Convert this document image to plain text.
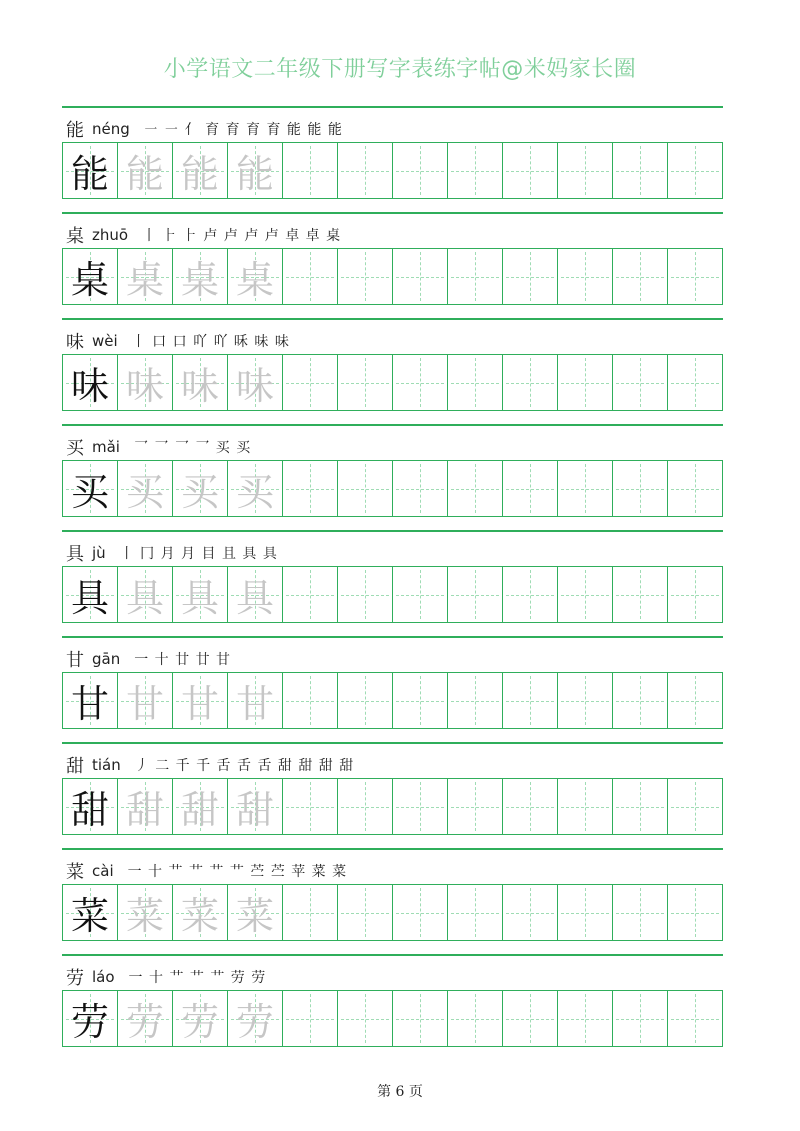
小学语文二年级下册写字表练字帖@米妈家长圈
能 néng ㇐ ㇐ 亻 育 育 育 育 能 能 能
能 能 能 能
桌 zhuō 丨 ⺊ ⺊ 卢 卢 卢 卢 卓 卓 桌
桌 桌 桌 桌
味 wèi 丨 口 口 吖 吖 咊 味 味
味 味 味 味
买 mǎi 乛 乛 乛 乛 买 买
买 买 买 买
具 jù 丨 冂 月 月 目 且 具 具
具 具 具 具
甘 gān 一 十 廿 廿 甘
甘 甘 甘 甘
甜 tián 丿 二 千 千 舌 舌 舌 甜 甜 甜 甜
甜 甜 甜 甜
菜 cài 一 十 艹 艹 艹 艹 苎 苎 苹 菜 菜
菜 菜 菜 菜
劳 láo 一 十 艹 艹 艹 劳 劳
劳 劳 劳 劳
第 6 页
